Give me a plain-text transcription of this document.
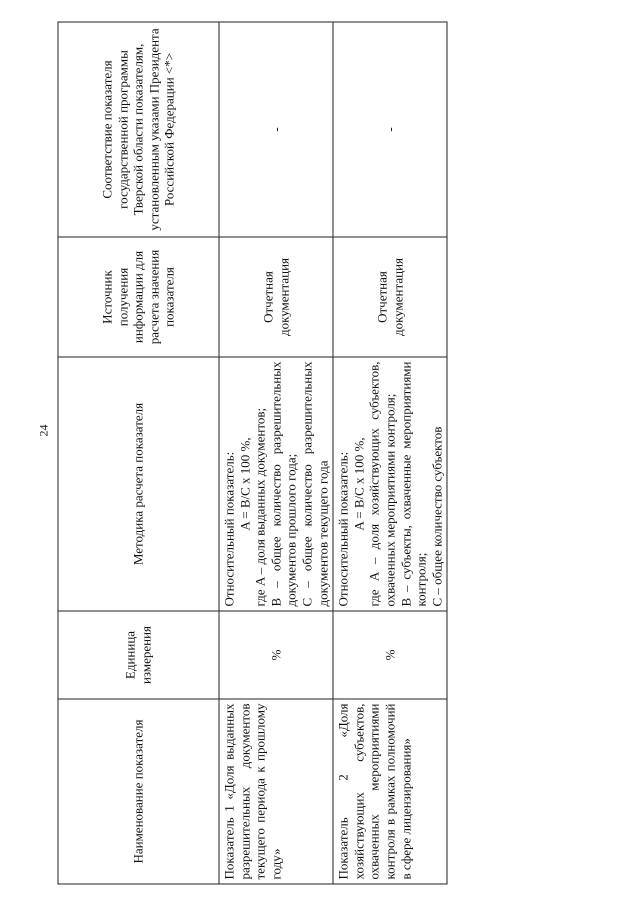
24
Наименование показателя	Единица измерения	Методика расчета показателя	Источник получения информации для расчета значения показателя	Соответствие показателя государственной программы Тверской области показателям, установленным указами Президента Российской Федерации <*>
Показатель 1 «Доля выданных разрешительных документов текущего периода к прошлому году»	%	Относительный показатель: A = B/C x 100 %, где A – доля выданных документов; B – общее количество разрешительных документов прошлого года; C – общее количество разрешительных документов текущего года	Отчетная документация	-
Показатель 2 «Доля хозяйствующих субъектов, охваченных мероприятиями контроля в рамках полномочий в сфере лицензирования»	%	Относительный показатель: A = B/C x 100 %, где A – доля хозяйствующих субъектов, охваченных мероприятиями контроля; B – субъекты, охваченные мероприятиями контроля; C – общее количество субъектов	Отчетная документация	-
